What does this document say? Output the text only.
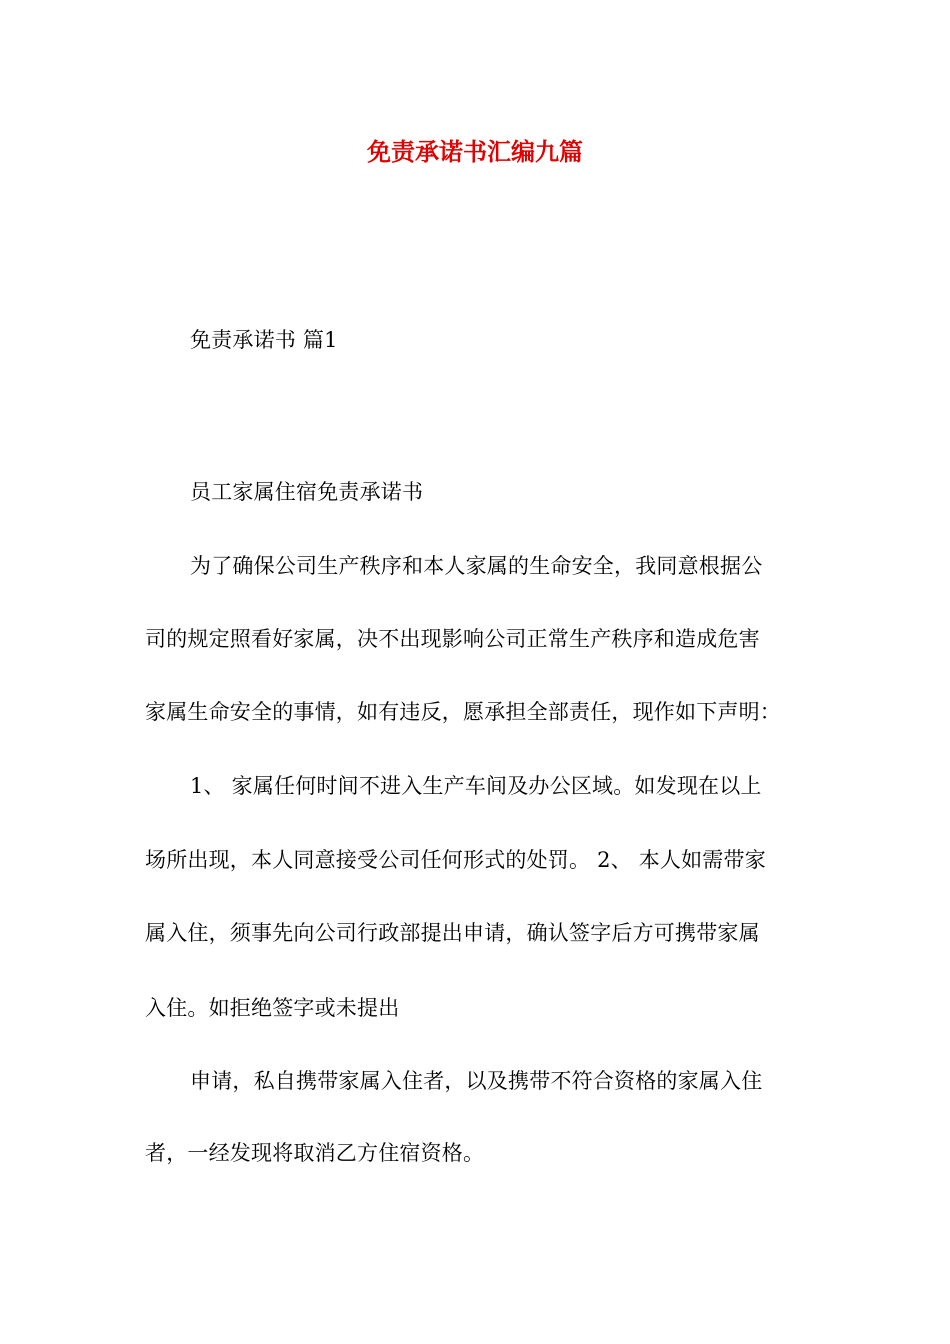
免责承诺书汇编九篇
免责承诺书 篇1
员工家属住宿免责承诺书
为了确保公司生产秩序和本人家属的生命安全，我同意根据公
司的规定照看好家属，决不出现影响公司正常生产秩序和造成危害
家属生命安全的事情，如有违反，愿承担全部责任，现作如下声明：
1、 家属任何时间不进入生产车间及办公区域。如发现在以上
场所出现，本人同意接受公司任何形式的处罚。 2、 本人如需带家
属入住，须事先向公司行政部提出申请，确认签字后方可携带家属
入住。如拒绝签字或未提出
申请，私自携带家属入住者，以及携带不符合资格的家属入住
者，一经发现将取消乙方住宿资格。
